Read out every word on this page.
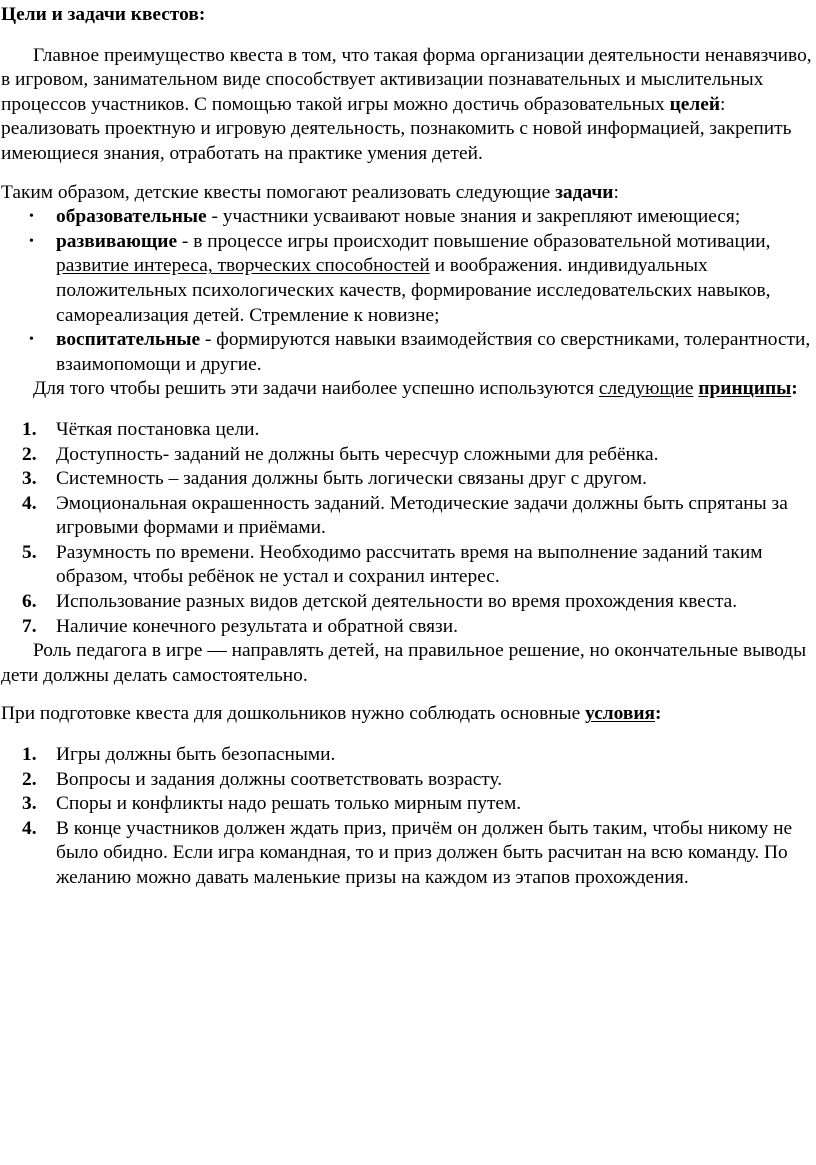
Цели и задачи квестов:

Главное преимущество квеста в том, что такая форма организации деятельности ненавязчиво, в игровом, занимательном виде способствует активизации познавательных и мыслительных процессов участников. С помощью такой игры можно достичь образовательных целей: реализовать проектную и игровую деятельность, познакомить с новой информацией, закрепить имеющиеся знания, отработать на практике умения детей.

Таким образом, детские квесты помогают реализовать следующие задачи:

• образовательные - участники усваивают новые знания и закрепляют имеющиеся;
• развивающие - в процессе игры происходит повышение образовательной мотивации, развитие интереса, творческих способностей и воображения. индивидуальных положительных психологических качеств, формирование исследовательских навыков, самореализация детей. Стремление к новизне;
• воспитательные - формируются навыки взаимодействия со сверстниками, толерантности, взаимопомощи и другие.

Для того чтобы решить эти задачи наиболее успешно используются следующие принципы:

1. Чёткая постановка цели.
2. Доступность- заданий не должны быть чересчур сложными для ребёнка.
3. Системность – задания должны быть логически связаны друг с другом.
4. Эмоциональная окрашенность заданий. Методические задачи должны быть спрятаны за игровыми формами и приёмами.
5. Разумность по времени. Необходимо рассчитать время на выполнение заданий таким образом, чтобы ребёнок не устал и сохранил интерес.
6. Использование разных видов детской деятельности во время прохождения квеста.
7. Наличие конечного результата и обратной связи.

Роль педагога в игре — направлять детей, на правильное решение, но окончательные выводы дети должны делать самостоятельно.

При подготовке квеста для дошкольников нужно соблюдать основные условия:

1. Игры должны быть безопасными.
2. Вопросы и задания должны соответствовать возрасту.
3. Споры и конфликты надо решать только мирным путем.
4. В конце участников должен ждать приз, причём он должен быть таким, чтобы никому не было обидно. Если игра командная, то и приз должен быть расчитан на всю команду. По желанию можно давать маленькие призы на каждом из этапов прохождения.
